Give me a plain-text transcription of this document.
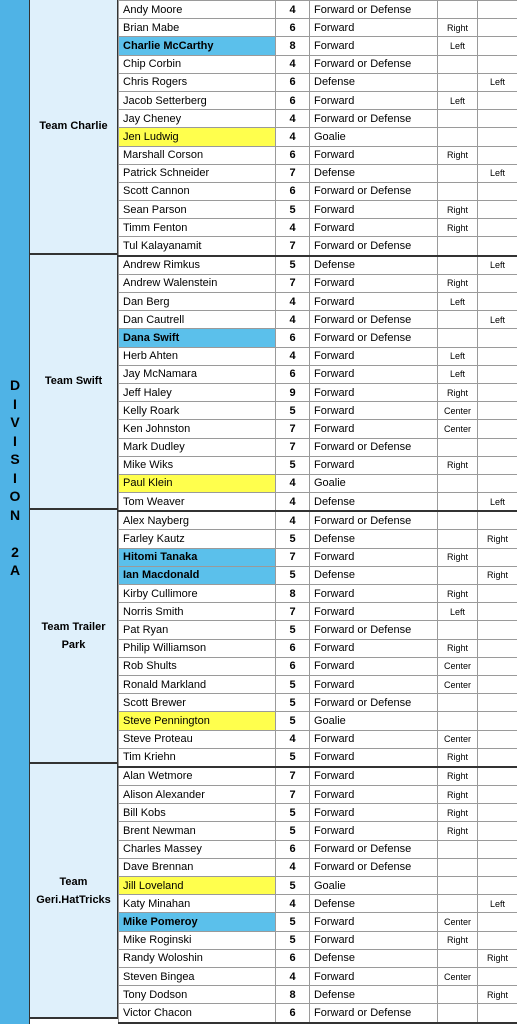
D
I
V
I
S
I
O
N

2
A
Team Charlie
Team Swift
Team Trailer Park
Team Geri.HatTricks
Andy Moore	4	Forward or Defense		
Brian Mabe	6	Forward	Right	
Charlie McCarthy	8	Forward	Left	
Chip Corbin	4	Forward or Defense		
Chris Rogers	6	Defense		Left
Jacob Setterberg	6	Forward	Left	
Jay Cheney	4	Forward or Defense		
Jen Ludwig	4	Goalie		
Marshall Corson	6	Forward	Right	
Patrick Schneider	7	Defense		Left
Scott Cannon	6	Forward or Defense		
Sean Parson	5	Forward	Right	
Timm Fenton	4	Forward	Right	
Tul Kalayanamit	7	Forward or Defense		
Andrew Rimkus	5	Defense		Left
Andrew Walenstein	7	Forward	Right	
Dan Berg	4	Forward	Left	
Dan Cautrell	4	Forward or Defense		Left
Dana Swift	6	Forward or Defense		
Herb Ahten	4	Forward	Left	
Jay McNamara	6	Forward	Left	
Jeff Haley	9	Forward	Right	
Kelly Roark	5	Forward	Center	
Ken Johnston	7	Forward	Center	
Mark Dudley	7	Forward or Defense		
Mike Wiks	5	Forward	Right	
Paul Klein	4	Goalie		
Tom Weaver	4	Defense		Left
Alex Nayberg	4	Forward or Defense		
Farley Kautz	5	Defense		Right
Hitomi Tanaka	7	Forward	Right	
Ian Macdonald	5	Defense		Right
Kirby Cullimore	8	Forward	Right	
Norris Smith	7	Forward	Left	
Pat Ryan	5	Forward or Defense		
Philip Williamson	6	Forward	Right	
Rob Shults	6	Forward	Center	
Ronald Markland	5	Forward	Center	
Scott Brewer	5	Forward or Defense		
Steve Pennington	5	Goalie		
Steve Proteau	4	Forward	Center	
Tim Kriehn	5	Forward	Right	
Alan Wetmore	7	Forward	Right	
Alison Alexander	7	Forward	Right	
Bill Kobs	5	Forward	Right	
Brent Newman	5	Forward	Right	
Charles Massey	6	Forward or Defense		
Dave Brennan	4	Forward or Defense		
Jill Loveland	5	Goalie		
Katy Minahan	4	Defense		Left
Mike Pomeroy	5	Forward	Center	
Mike Roginski	5	Forward	Right	
Randy Woloshin	6	Defense		Right
Steven Bingea	4	Forward	Center	
Tony Dodson	8	Defense		Right
Victor Chacon	6	Forward or Defense		
